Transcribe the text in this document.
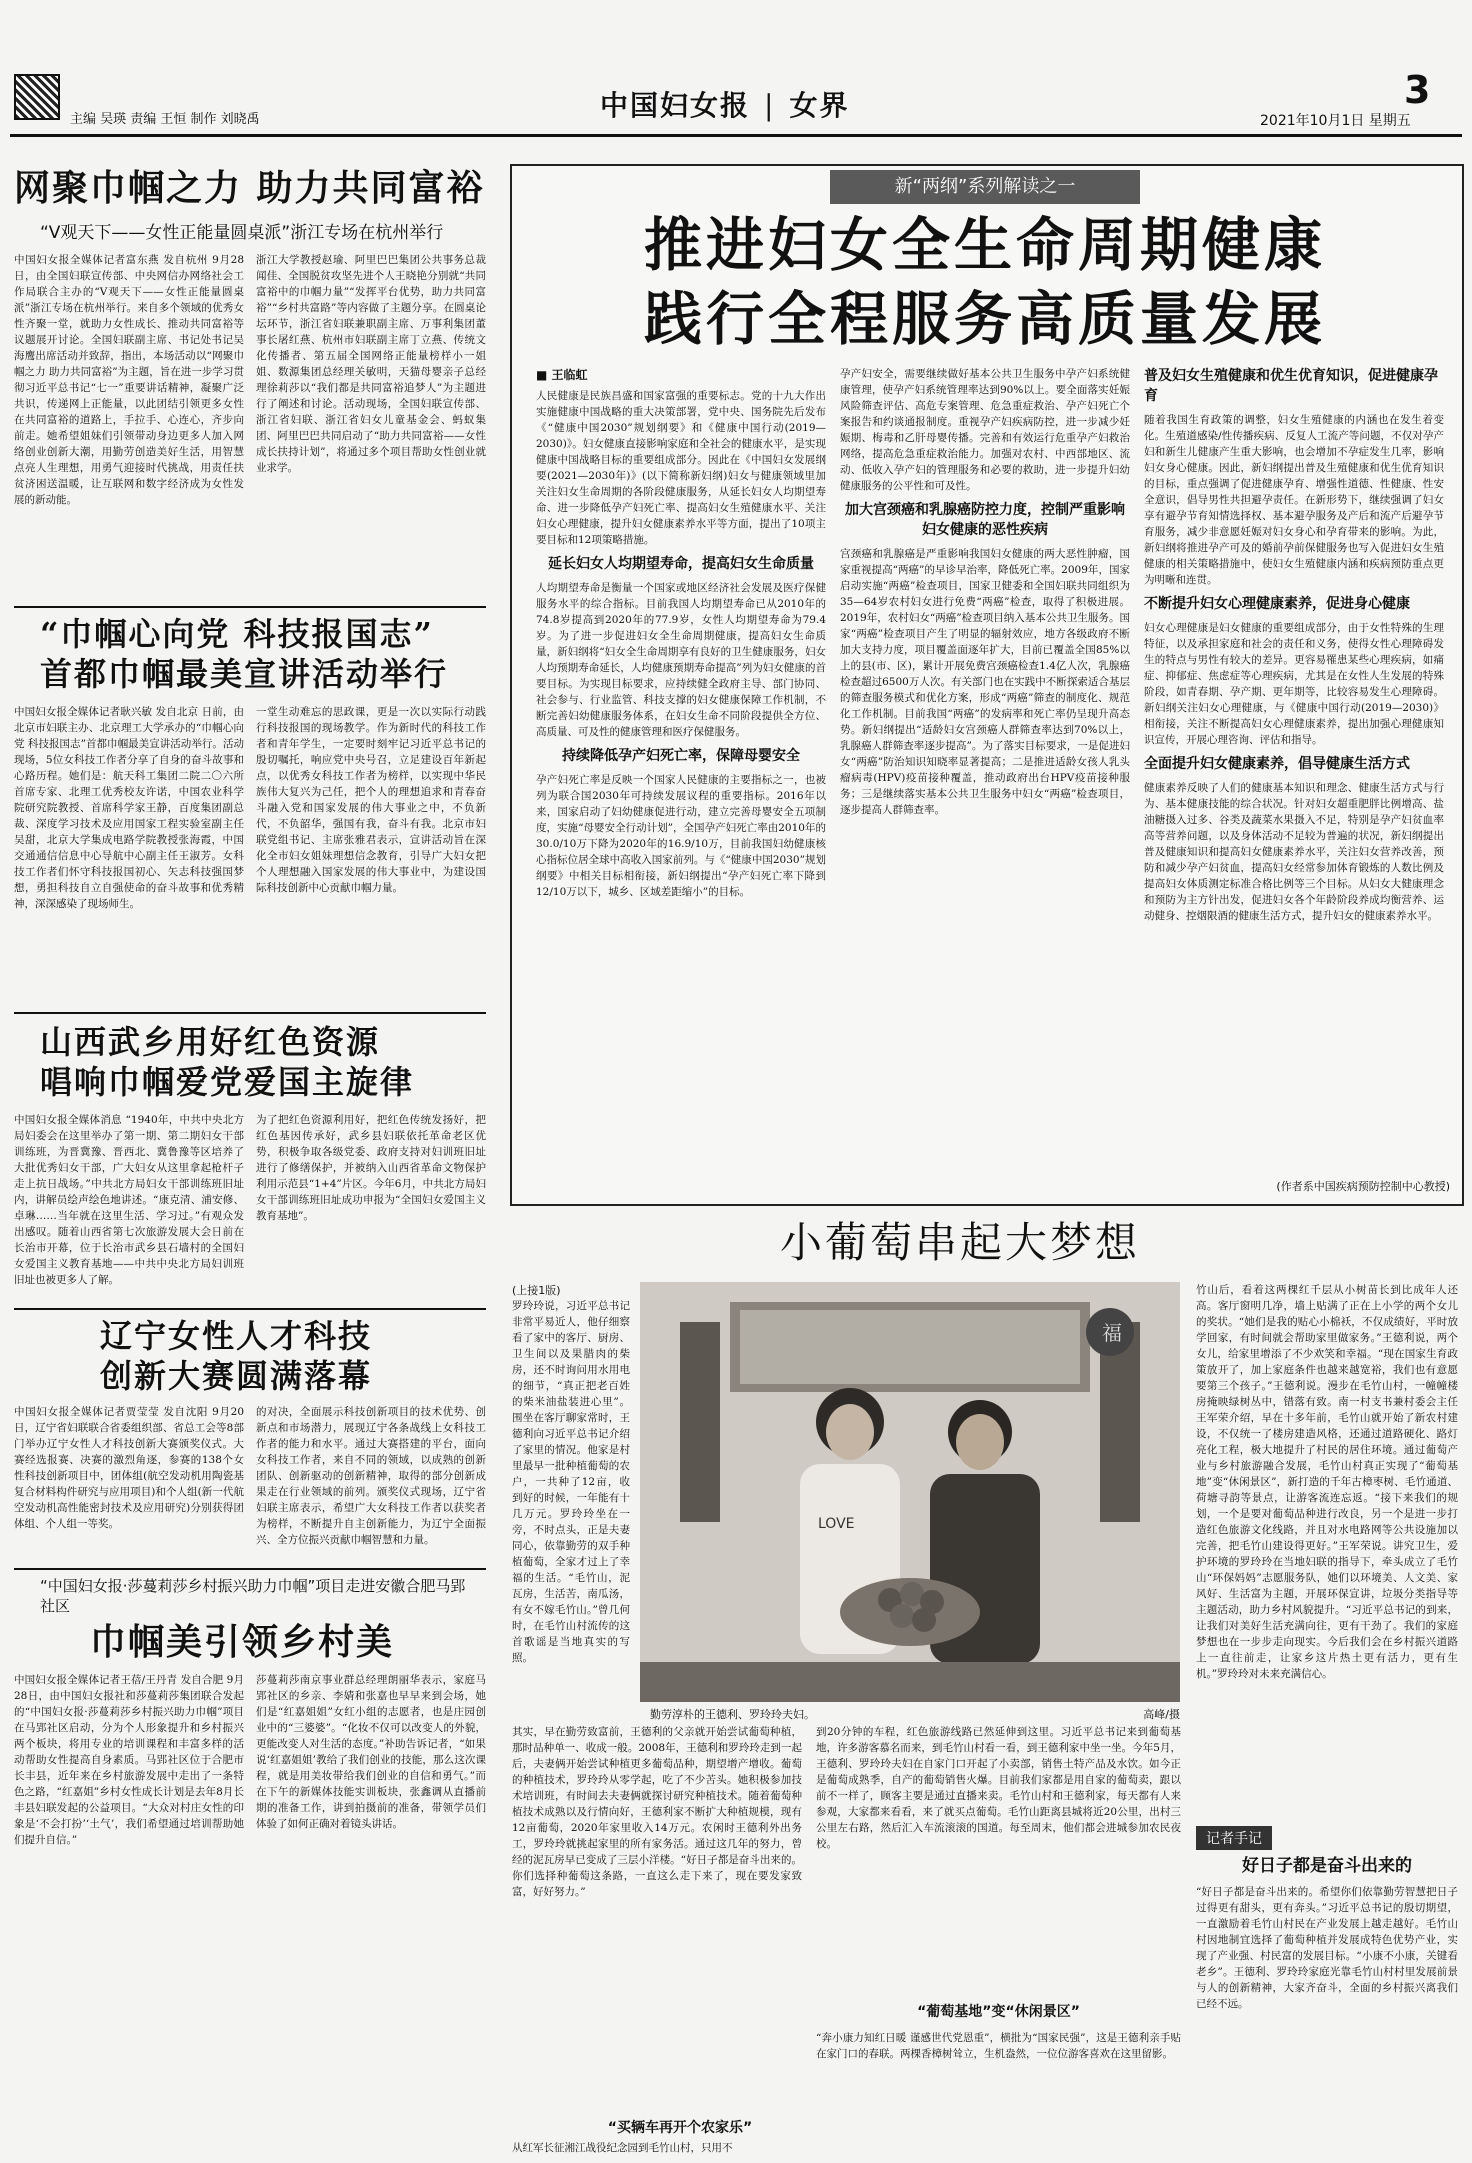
主编 吴瑛 责编 王恒 制作 刘晓禹	中国妇女报 | 女界	3
2021年10月1日 星期五
网聚巾帼之力 助力共同富裕
“V观天下——女性正能量圆桌派”浙江专场在杭州举行
中国妇女报全媒体记者富东燕 发自杭州 9月28日，由全国妇联宣传部、中央网信办网络社会工作局联合主办的“V观天下——女性正能量圆桌派”浙江专场在杭州举行。来自多个领域的优秀女性齐聚一堂，就助力女性成长、推动共同富裕等议题展开讨论。全国妇联副主席、书记处书记吴海鹰出席活动并致辞，指出，本场活动以“网聚巾帼之力 助力共同富裕”为主题，旨在进一步学习贯彻习近平总书记“七一”重要讲话精神，凝聚广泛共识，传递网上正能量，以此团结引领更多女性在共同富裕的道路上，手拉手、心连心，齐步向前走。她希望姐妹们引领带动身边更多人加入网络创业创新大潮，用勤劳创造美好生活，用智慧点亮人生理想，用勇气迎接时代挑战，用责任扶贫济困送温暖，让互联网和数字经济成为女性发展的新动能。
浙江大学教授赵瑜、阿里巴巴集团公共事务总裁闻佳、全国脱贫攻坚先进个人王晓艳分别就“共同富裕中的巾帼力量”“发挥平台优势，助力共同富裕”“乡村共富路”等内容做了主题分享。在圆桌论坛环节，浙江省妇联兼职副主席、万事利集团董事长屠红燕、杭州市妇联副主席丁立燕、传统文化传播者、第五届全国网络正能量榜样小一姐姐、数源集团总经理关敏明，天猫母婴亲子总经理徐莉莎以“我们都是共同富裕追梦人”为主题进行了阐述和讨论。活动现场，全国妇联宣传部、浙江省妇联、浙江省妇女儿童基金会、蚂蚁集团、阿里巴巴共同启动了“助力共同富裕——女性成长扶持计划”，将通过多个项目帮助女性创业就业求学。
“巾帼心向党 科技报国志”
首都巾帼最美宣讲活动举行
中国妇女报全媒体记者耿兴敏 发自北京 日前，由北京市妇联主办、北京理工大学承办的“巾帼心向党 科技报国志”首都巾帼最美宣讲活动举行。活动现场，5位女科技工作者分享了自身的奋斗故事和心路历程。她们是：航天科工集团二院二〇六所首席专家、北理工优秀校友许诺，中国农业科学院研究院教授、首席科学家王静，百度集团副总裁、深度学习技术及应用国家工程实验室副主任吴甜，北京大学集成电路学院教授张海霞，中国交通通信信息中心导航中心副主任王淑芳。女科技工作者们怀守科技报国初心、矢志科技强国梦想，勇担科技自立自强使命的奋斗故事和优秀精神，深深感染了现场师生。
一堂生动难忘的思政课，更是一次以实际行动践行科技报国的现场教学。作为新时代的科技工作者和青年学生，一定要时刻牢记习近平总书记的殷切嘱托，响应党中央号召，立足建设百年新起点，以优秀女科技工作者为榜样，以实现中华民族伟大复兴为己任，把个人的理想追求和青春奋斗融入党和国家发展的伟大事业之中，不负新代，不负韶华，强国有我，奋斗有我。北京市妇联党组书记、主席张雅君表示，宣讲活动旨在深化全市妇女姐妹理想信念教育，引导广大妇女把个人理想融入国家发展的伟大事业中，为建设国际科技创新中心贡献巾帼力量。
山西武乡用好红色资源
唱响巾帼爱党爱国主旋律
中国妇女报全媒体消息 “1940年，中共中央北方局妇委会在这里举办了第一期、第二期妇女干部训练班，为晋冀豫、晋西北、冀鲁豫等区培养了大批优秀妇女干部，广大妇女从这里拿起枪杆子走上抗日战场。”中共北方局妇女干部训练班旧址内，讲解员绘声绘色地讲述。“康克清、浦安修、卓琳……当年就在这里生活、学习过。”有观众发出感叹。随着山西省第七次旅游发展大会日前在长治市开幕，位于长治市武乡县石墙村的全国妇女爱国主义教育基地——中共中央北方局妇训班旧址也被更多人了解。
为了把红色资源利用好，把红色传统发扬好，把红色基因传承好，武乡县妇联依托革命老区优势，积极争取各级党委、政府支持对妇训班旧址进行了修缮保护，并被纳入山西省革命文物保护利用示范县“1+4”片区。今年6月，中共北方局妇女干部训练班旧址成功申报为“全国妇女爱国主义教育基地”。
辽宁女性人才科技
创新大赛圆满落幕
中国妇女报全媒体记者贾莹莹 发自沈阳 9月20日，辽宁省妇联联合省委组织部、省总工会等8部门举办辽宁女性人才科技创新大赛颁奖仪式。大赛经选报赛、决赛的激烈角逐，参赛的138个女性科技创新项目中，团体组(航空发动机用陶瓷基复合材料构件研究与应用项目)和个人组(新一代航空发动机高性能密封技术及应用研究)分别获得团体组、个人组一等奖。
的对决，全面展示科技创新项目的技术优势、创新点和市场潜力，展现辽宁各条战线上女科技工作者的能力和水平。通过大赛搭建的平台，面向女科技工作者，来自不同的领域，以成熟的创新团队、创新驱动的创新精神，取得的部分创新成果走在行业领域的前列。颁奖仪式现场，辽宁省妇联主席表示，希望广大女科技工作者以获奖者为榜样，不断提升自主创新能力，为辽宁全面振兴、全方位振兴贡献巾帼智慧和力量。
“中国妇女报·莎蔓莉莎乡村振兴助力巾帼”项目走进安徽合肥马郢社区
巾帼美引领乡村美
中国妇女报全媒体记者王蓓/王丹青 发自合肥 9月28日，由中国妇女报社和莎蔓莉莎集团联合发起的“中国妇女报·莎蔓莉莎乡村振兴助力巾帼”项目在马郢社区启动，分为个人形象提升和乡村振兴两个板块，将用专业的培训课程和丰富多样的活动帮助女性提高自身素质。马郢社区位于合肥市长丰县，近年来在乡村旅游发展中走出了一条特色之路，“红嘉姐”乡村女性成长计划是去年8月长丰县妇联发起的公益项目。“大众对村庄女性的印象是‘不会打扮’‘土气’，我们希望通过培训帮助她们提升自信。”
莎蔓莉莎南京事业群总经理朗丽华表示，家庭马郢社区的乡亲、李婧和张嘉也早早来到会场，她们是“红嘉姐姐”女红小组的志愿者，也是庄园创业中的“三婆婆”。“化妆不仅可以改变人的外貌，更能改变人对生活的态度。”补助告诉记者，“如果说‘红嘉姐姐’教给了我们创业的技能，那么这次课程，就是用美妆带给我们创业的自信和勇气。”而在下午的新媒体技能实训板块，张鑫调从直播前期的准备工作，讲到拍摄前的准备，带领学员们体验了如何正确对着镜头讲话。
新“两纲”系列解读之一
推进妇女全生命周期健康
践行全程服务高质量发展
■ 王临虹
人民健康是民族昌盛和国家富强的重要标志。党的十九大作出实施健康中国战略的重大决策部署，党中央、国务院先后发布《“健康中国2030”规划纲要》和《健康中国行动(2019—2030)》。妇女健康直接影响家庭和全社会的健康水平，是实现健康中国战略目标的重要组成部分。因此在《中国妇女发展纲要(2021—2030年)》(以下简称新妇纲)妇女与健康领域里加关注妇女生命周期的各阶段健康服务，从延长妇女人均期望寿命、进一步降低孕产妇死亡率、提高妇女生殖健康水平、关注妇女心理健康，提升妇女健康素养水平等方面，提出了10项主要目标和12项策略措施。
延长妇女人均期望寿命，提高妇女生命质量
人均期望寿命是衡量一个国家或地区经济社会发展及医疗保健服务水平的综合指标。目前我国人均期望寿命已从2010年的74.8岁提高到2020年的77.9岁，女性人均期望寿命为79.4岁。为了进一步促进妇女全生命周期健康，提高妇女生命质量，新妇纲将“妇女全生命周期享有良好的卫生健康服务，妇女人均预期寿命延长，人均健康预期寿命提高”列为妇女健康的首要目标。为实现目标要求，应持续健全政府主导、部门协同、社会参与、行业监管、科技支撑的妇女健康保障工作机制，不断完善妇幼健康服务体系，在妇女生命不同阶段提供全方位、高质量、可及性的健康管理和医疗保健服务。
持续降低孕产妇死亡率，保障母婴安全
孕产妇死亡率是反映一个国家人民健康的主要指标之一，也被列为联合国2030年可持续发展议程的重要指标。2016年以来，国家启动了妇幼健康促进行动，建立完善母婴安全五项制度，实施“母婴安全行动计划”，全国孕产妇死亡率由2010年的30.0/10万下降为2020年的16.9/10万，目前我国妇幼健康核心指标位居全球中高收入国家前列。与《“健康中国2030”规划纲要》中相关目标相衔接，新妇纲提出“孕产妇死亡率下降到12/10万以下，城乡、区域差距缩小”的目标。
孕产妇安全，需要继续做好基本公共卫生服务中孕产妇系统健康管理，使孕产妇系统管理率达到90%以上。要全面落实妊娠风险筛查评估、高危专案管理、危急重症救治、孕产妇死亡个案报告和约谈通报制度。重视孕产妇疾病防控，进一步减少妊娠期、梅毒和乙肝母婴传播。完善和有效运行危重孕产妇救治网络，提高危急重症救治能力。加强对农村、中西部地区、流动、低收入孕产妇的管理服务和必要的救助，进一步提升妇幼健康服务的公平性和可及性。
加大宫颈癌和乳腺癌防控力度，控制严重影响妇女健康的恶性疾病
宫颈癌和乳腺癌是严重影响我国妇女健康的两大恶性肿瘤，国家重视提高“两癌”的早诊早治率，降低死亡率。2009年，国家启动实施“两癌”检查项目，国家卫健委和全国妇联共同组织为35—64岁农村妇女进行免费“两癌”检查，取得了积极进展。2019年，农村妇女“两癌”检查项目纳入基本公共卫生服务。国家“两癌”检查项目产生了明显的辐射效应，地方各级政府不断加大支持力度，项目覆盖面逐年扩大，目前已覆盖全国85%以上的县(市、区)，累计开展免费宫颈癌检查1.4亿人次，乳腺癌检查超过6500万人次。有关部门也在实践中不断探索适合基层的筛查服务模式和优化方案，形成“两癌”筛查的制度化、规范化工作机制。目前我国“两癌”的发病率和死亡率仍呈现升高态势。新妇纲提出“适龄妇女宫颈癌人群筛查率达到70%以上，乳腺癌人群筛查率逐步提高”。为了落实目标要求，一是促进妇女“两癌”防治知识知晓率显著提高；二是推进适龄女孩人乳头瘤病毒(HPV)疫苗接种覆盖，推动政府出台HPV疫苗接种服务；三是继续落实基本公共卫生服务中妇女“两癌”检查项目，逐步提高人群筛查率。
普及妇女生殖健康和优生优育知识，促进健康孕育
随着我国生育政策的调整，妇女生殖健康的内涵也在发生着变化。生殖道感染/性传播疾病、反复人工流产等问题，不仅对孕产妇和新生儿健康产生重大影响，也会增加不孕症发生几率，影响妇女身心健康。因此，新妇纲提出普及生殖健康和优生优育知识的目标，重点强调了促进健康孕育、增强性道德、性健康、性安全意识，倡导男性共担避孕责任。在新形势下，继续强调了妇女享有避孕节育知情选择权、基本避孕服务及产后和流产后避孕节育服务，减少非意愿妊娠对妇女身心和孕育带来的影响。为此，新妇纲将推进孕产可及的婚前孕前保健服务也写入促进妇女生殖健康的相关策略措施中，使妇女生殖健康内涵和疾病预防重点更为明晰和连贯。
不断提升妇女心理健康素养，促进身心健康
妇女心理健康是妇女健康的重要组成部分，由于女性特殊的生理特征，以及承担家庭和社会的责任和义务，使得女性心理障碍发生的特点与男性有较大的差异。更容易罹患某些心理疾病，如痛症、抑郁症、焦虑症等心理疾病，尤其是在女性人生发展的特殊阶段，如青春期、孕产期、更年期等，比较容易发生心理障碍。新妇纲关注妇女心理健康，与《健康中国行动(2019—2030)》相衔接，关注不断提高妇女心理健康素养，提出加强心理健康知识宣传，开展心理咨询、评估和指导。
全面提升妇女健康素养，倡导健康生活方式
健康素养反映了人们的健康基本知识和理念、健康生活方式与行为、基本健康技能的综合状况。针对妇女超重肥胖比例增高、盐油糖摄入过多、谷类及蔬菜水果摄入不足，特别是孕产妇贫血率高等营养问题，以及身体活动不足较为普遍的状况，新妇纲提出普及健康知识和提高妇女健康素养水平，关注妇女营养改善，预防和减少孕产妇贫血，提高妇女经常参加体育锻炼的人数比例及提高妇女体质测定标准合格比例等三个目标。从妇女大健康理念和预防为主方针出发，促进妇女各个年龄阶段养成均衡营养、运动健身、控烟限酒的健康生活方式，提升妇女的健康素养水平。
(作者系中国疾病预防控制中心教授)
小葡萄串起大梦想
(上接1版)
罗玲玲说，习近平总书记非常平易近人，他仔细察看了家中的客厅、厨房、卫生间以及果腊肉的柴房，还不时询问用水用电的细节，“真正把老百姓的柴米油盐装进心里”。围坐在客厅聊家常时，王德利向习近平总书记介绍了家里的情况。他家是村里最早一批种植葡萄的农户，一共种了12亩，收到好的时候，一年能有十几万元。罗玲玲坐在一旁，不时点头，正是夫妻同心，依靠勤劳的双手种植葡萄，全家才过上了幸福的生活。“毛竹山，泥瓦房，生活苦，南瓜汤，有女不嫁毛竹山。”曾几何时，在毛竹山村流传的这首歌谣是当地真实的写照。
福
LOVE
勤劳淳朴的王德利、罗玲玲夫妇。	高峰/摄
其实，早在勤劳致富前，王德利的父亲就开始尝试葡萄种植，那时品种单一、收成一般。2008年，王德利和罗玲玲走到一起后，夫妻俩开始尝试种植更多葡萄品种，期望增产增收。葡萄的种植技术，罗玲玲从零学起，吃了不少苦头。她积极参加技术培训班，有时间去夫妻俩就探讨研究种植技术。随着葡萄种植技术成熟以及行情向好，王德利家不断扩大种植规模，现有12亩葡萄，2020年家里收入14万元。农闲时王德利外出务工，罗玲玲就挑起家里的所有家务活。通过这几年的努力，曾经的泥瓦房早已变成了三层小洋楼。“好日子都是奋斗出来的。你们选择种葡萄这条路，一直这么走下来了，现在要发家致富，好好努力。”
“买辆车再开个农家乐”
从红军长征湘江战役纪念园到毛竹山村，只用不
到20分钟的车程，红色旅游线路已然延伸到这里。习近平总书记来到葡萄基地，许多游客慕名而来，到毛竹山村看一看，到王德利家中坐一坐。今年5月，王德利、罗玲玲夫妇在自家门口开起了小卖部，销售土特产品及水饮。如今正是葡萄成熟季，自产的葡萄销售火爆。目前我们家都是用自家的葡萄卖，跟以前不一样了，顾客主要是通过直播来卖。毛竹山村和王德利家，每天都有人来参观，大家都来看看，来了就买点葡萄。毛竹山距离县城将近20公里，出村三公里左右路，然后汇入车流滚滚的国道。每至周末，他们都会进城参加农民夜校。
“葡萄基地”变“休闲景区”
“奔小康力知红日暖 谨感世代党恩重”，横批为“国家民强”，这是王德利亲手贴在家门口的春联。两棵香樟树耸立，生机盎然，一位位游客喜欢在这里留影。
竹山后，看着这两棵红千层从小树苗长到比成年人还高。客厅窗明几净，墙上贴满了正在上小学的两个女儿的奖状。“她们是我的贴心小棉袄，不仅成绩好，平时放学回家，有时间就会帮助家里做家务。”王德利说，两个女儿，给家里增添了不少欢笑和幸福。“现在国家生育政策放开了，加上家庭条件也越来越宽裕，我们也有意愿要第三个孩子。”王德利说。漫步在毛竹山村，一幢幢楼房掩映绿树丛中，错落有致。南一村支书兼村委会主任王军荣介绍，早在十多年前，毛竹山就开始了新农村建设，不仅统一了楼房建造风格，还通过道路硬化、路灯亮化工程，极大地提升了村民的居住环境。通过葡萄产业与乡村旅游融合发展，毛竹山村真正实现了“葡萄基地”变“休闲景区”，新打造的千年古樟枣树、毛竹通道、荷塘寻韵等景点，让游客流连忘返。“接下来我们的规划，一个是要对葡萄品种进行改良，另一个是进一步打造红色旅游文化线路，并且对水电路网等公共设施加以完善，把毛竹山建设得更好。”王军荣说。讲究卫生，爱护环境的罗玲玲在当地妇联的指导下，牵头成立了毛竹山“环保妈妈”志愿服务队，她们以环境美、人文美、家风好、生活富为主题，开展环保宣讲，垃圾分类指导等主题活动，助力乡村风貌提升。“习近平总书记的到来，让我们对美好生活充满向往，更有干劲了。我们的家庭梦想也在一步步走向现实。今后我们会在乡村振兴道路上一直往前走，让家乡这片热土更有活力，更有生机。”罗玲玲对未来充满信心。
记者手记
好日子都是奋斗出来的
“好日子都是奋斗出来的。希望你们依靠勤劳智慧把日子过得更有甜头，更有奔头。”习近平总书记的殷切期望，一直激励着毛竹山村民在产业发展上越走越好。毛竹山村因地制宜选择了葡萄种植并发展成特色优势产业，实现了产业强、村民富的发展目标。“小康不小康，关键看老乡”。王德利、罗玲玲家庭光靠毛竹山村村里发展前景与人的创新精神，大家齐奋斗，全面的乡村振兴离我们已经不远。
